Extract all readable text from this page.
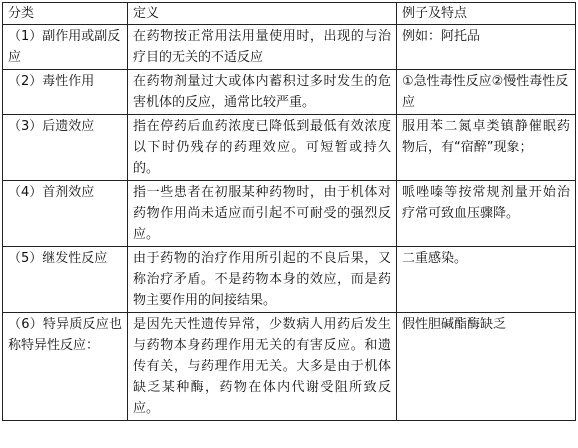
分类	定义	例子及特点
（1）副作用或副反应	在药物按正常用法用量使用时，出现的与治疗目的无关的不适反应	例如：阿托品
（2）毒性作用	在药物剂量过大或体内蓄积过多时发生的危害机体的反应，通常比较严重。	①急性毒性反应②慢性毒性反应
（3）后遗效应	指在停药后血药浓度已降低到最低有效浓度以下时仍残存的药理效应。可短暂或持久的。	服用苯二氮卓类镇静催眠药物后，有“宿醉”现象；
（4）首剂效应	指一些患者在初服某种药物时，由于机体对药物作用尚未适应而引起不可耐受的强烈反应。	哌唑嗪等按常规剂量开始治疗常可致血压骤降。
（5）继发性反应	由于药物的治疗作用所引起的不良后果，又称治疗矛盾。不是药物本身的效应，而是药物主要作用的间接结果。	二重感染。
（6）特异质反应也称特异性反应：	是因先天性遗传异常，少数病人用药后发生与药物本身药理作用无关的有害反应。和遗传有关，与药理作用无关。大多是由于机体缺乏某种酶，药物在体内代谢受阻所致反应。	假性胆碱酯酶缺乏
